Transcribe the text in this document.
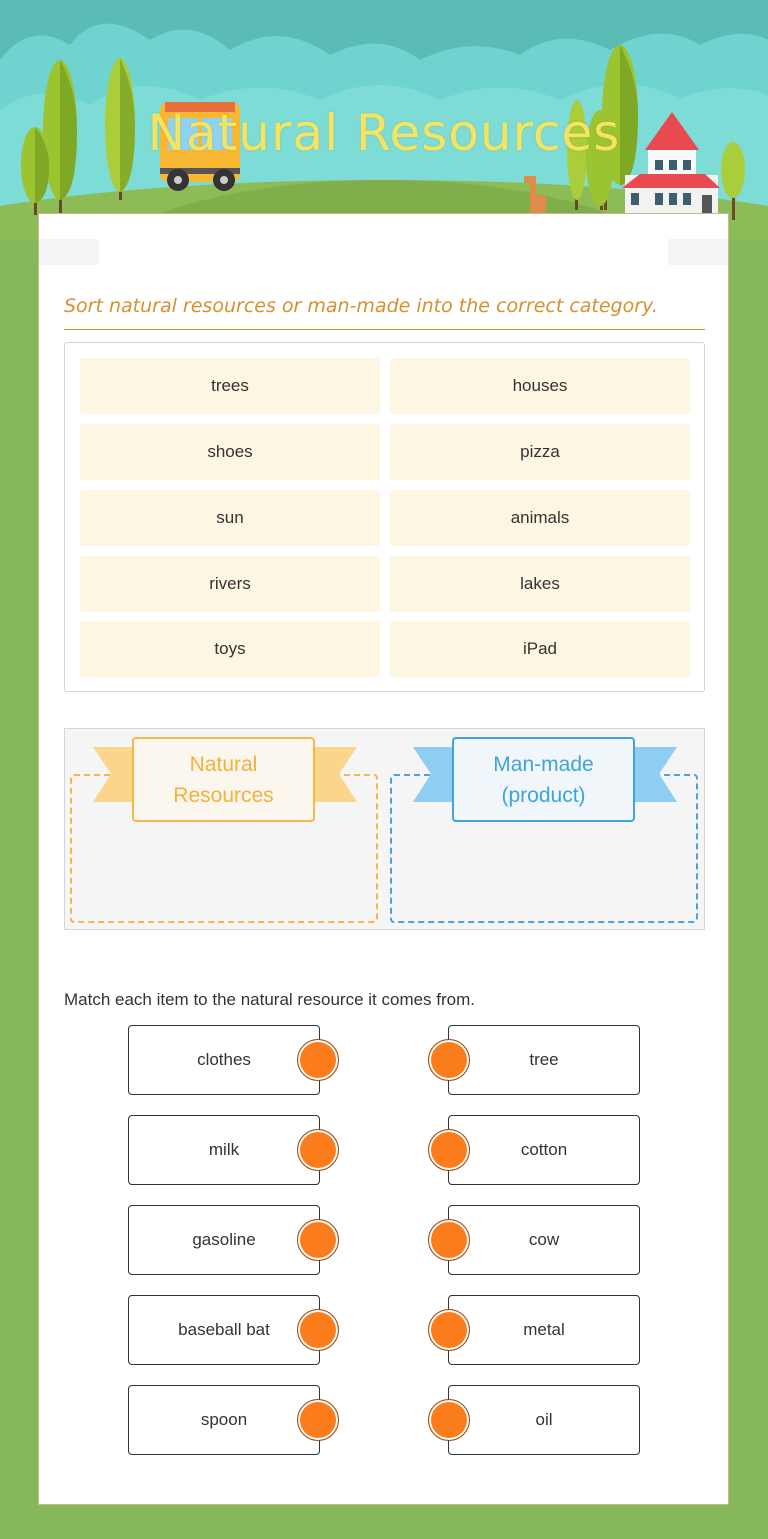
Natural Resources
Sort natural resources or man-made into the correct category.
trees	houses
shoes	pizza
sun	animals
rivers	lakes
toys	iPad
Natural
Resources
Man-made
(product)
Match each item to the natural resource it comes from.
clothes	tree
milk	cotton
gasoline	cow
baseball bat	metal
spoon	oil
